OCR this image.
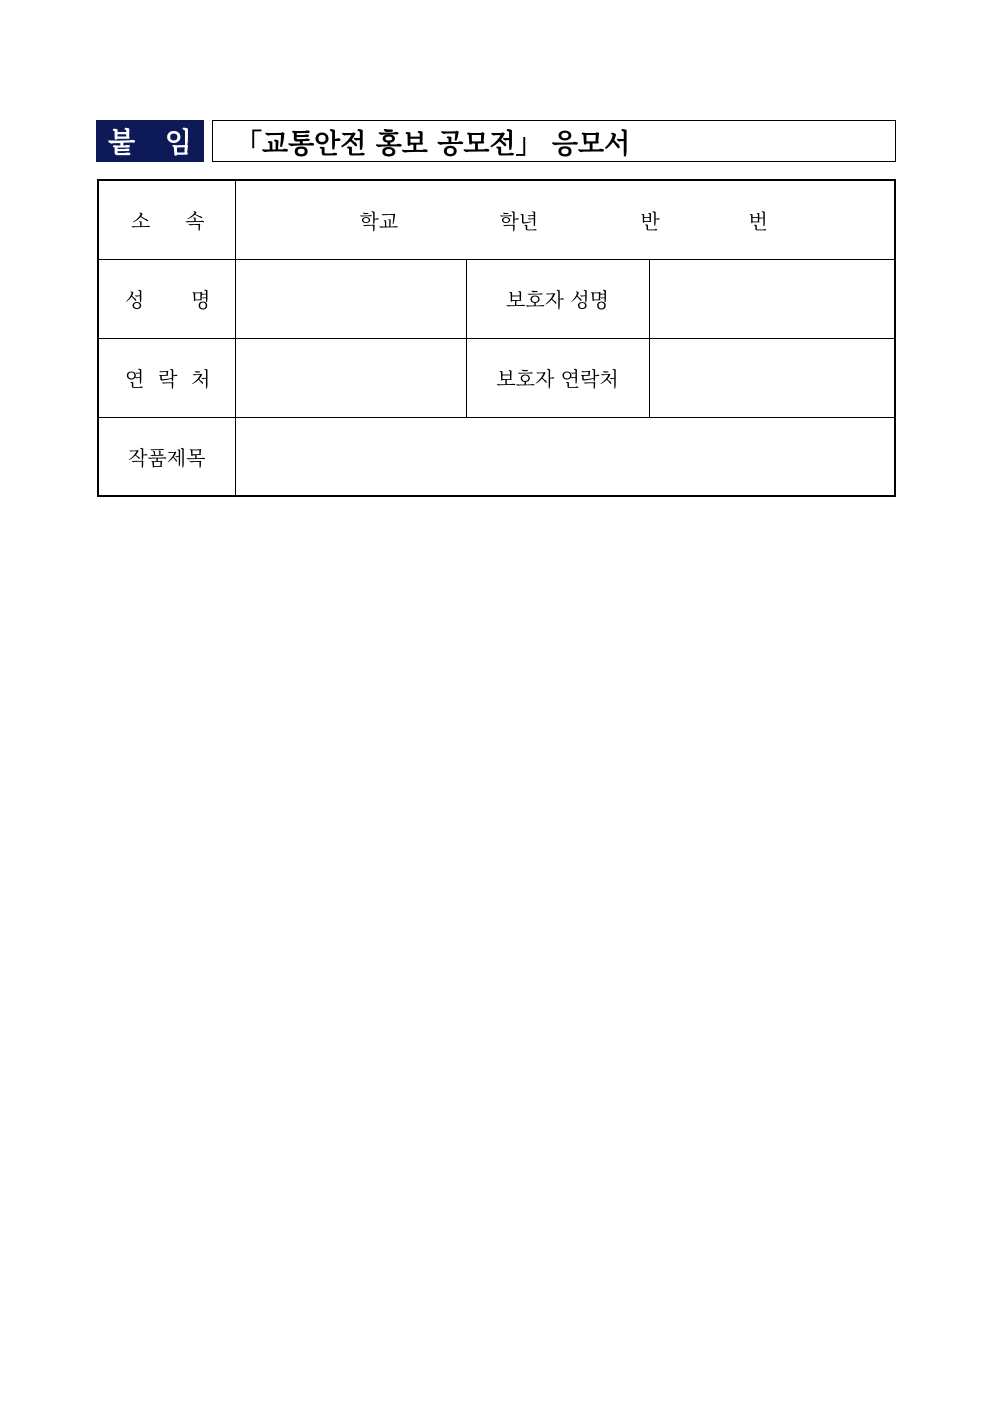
붙 임	「교통안전 홍보 공모전」 응모서
소 속	학교 학년 반 번		

성 명		보호자 성명	

연 락 처		보호자 연락처	
작품제목			
